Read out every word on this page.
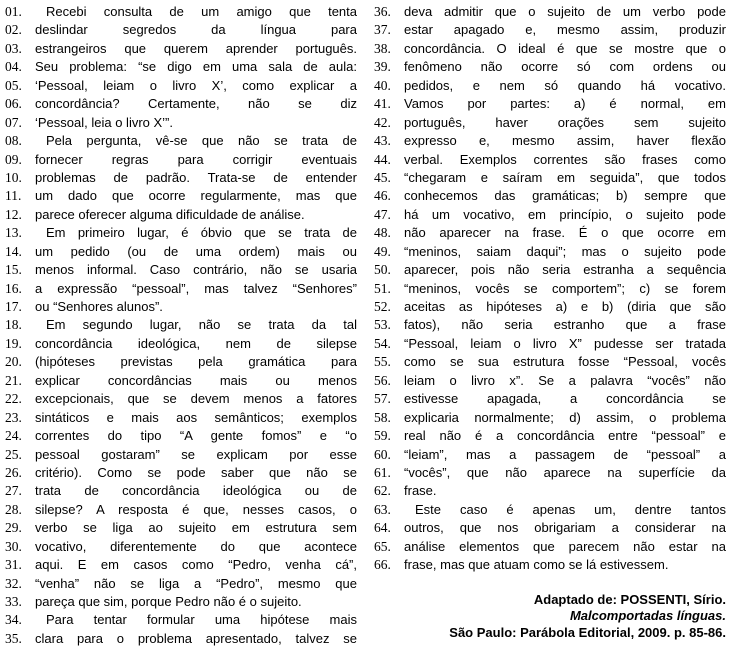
01.	Recebi consulta de um amigo que tenta
02.	deslindar segredos da língua para
03.	estrangeiros que querem aprender português.
04.	Seu problema: “se digo em uma sala de aula:
05.	‘Pessoal, leiam o livro X’, como explicar a
06.	concordância? Certamente, não se diz
07.	‘Pessoal, leia o livro X’”.
08.	Pela pergunta, vê-se que não se trata de
09.	fornecer regras para corrigir eventuais
10.	problemas de padrão. Trata-se de entender
11.	um dado que ocorre regularmente, mas que
12.	parece oferecer alguma dificuldade de análise.
13.	Em primeiro lugar, é óbvio que se trata de
14.	um pedido (ou de uma ordem) mais ou
15.	menos informal. Caso contrário, não se usaria
16.	a expressão “pessoal”, mas talvez “Senhores”
17.	ou “Senhores alunos”.
18.	Em segundo lugar, não se trata da tal
19.	concordância ideológica, nem de silepse
20.	(hipóteses previstas pela gramática para
21.	explicar concordâncias mais ou menos
22.	excepcionais, que se devem menos a fatores
23.	sintáticos e mais aos semânticos; exemplos
24.	correntes do tipo “A gente fomos” e “o
25.	pessoal gostaram” se explicam por esse
26.	critério). Como se pode saber que não se
27.	trata de concordância ideológica ou de
28.	silepse? A resposta é que, nesses casos, o
29.	verbo se liga ao sujeito em estrutura sem
30.	vocativo, diferentemente do que acontece
31.	aqui. E em casos como “Pedro, venha cá”,
32.	“venha” não se liga a “Pedro”, mesmo que
33.	pareça que sim, porque Pedro não é o sujeito.
34.	Para tentar formular uma hipótese mais
35.	clara para o problema apresentado, talvez se
36.	deva admitir que o sujeito de um verbo pode
37.	estar apagado e, mesmo assim, produzir
38.	concordância. O ideal é que se mostre que o
39.	fenômeno não ocorre só com ordens ou
40.	pedidos, e nem só quando há vocativo.
41.	Vamos por partes: a) é normal, em
42.	português, haver orações sem sujeito
43.	expresso e, mesmo assim, haver flexão
44.	verbal. Exemplos correntes são frases como
45.	“chegaram e saíram em seguida”, que todos
46.	conhecemos das gramáticas; b) sempre que
47.	há um vocativo, em princípio, o sujeito pode
48.	não aparecer na frase. É o que ocorre em
49.	“meninos, saiam daqui”; mas o sujeito pode
50.	aparecer, pois não seria estranha a sequência
51.	“meninos, vocês se comportem”; c) se forem
52.	aceitas as hipóteses a) e b) (diria que são
53.	fatos), não seria estranho que a frase
54.	“Pessoal, leiam o livro X” pudesse ser tratada
55.	como se sua estrutura fosse “Pessoal, vocês
56.	leiam o livro x”. Se a palavra “vocês” não
57.	estivesse apagada, a concordância se
58.	explicaria normalmente; d) assim, o problema
59.	real não é a concordância entre “pessoal” e
60.	“leiam”, mas a passagem de “pessoal” a
61.	“vocês”, que não aparece na superfície da
62.	frase.
63.	Este caso é apenas um, dentre tantos
64.	outros, que nos obrigariam a considerar na
65.	análise elementos que parecem não estar na
66.	frase, mas que atuam como se lá estivessem.
Adaptado de: POSSENTI, Sírio.
Malcomportadas línguas.
São Paulo: Parábola Editorial, 2009. p. 85-86.
